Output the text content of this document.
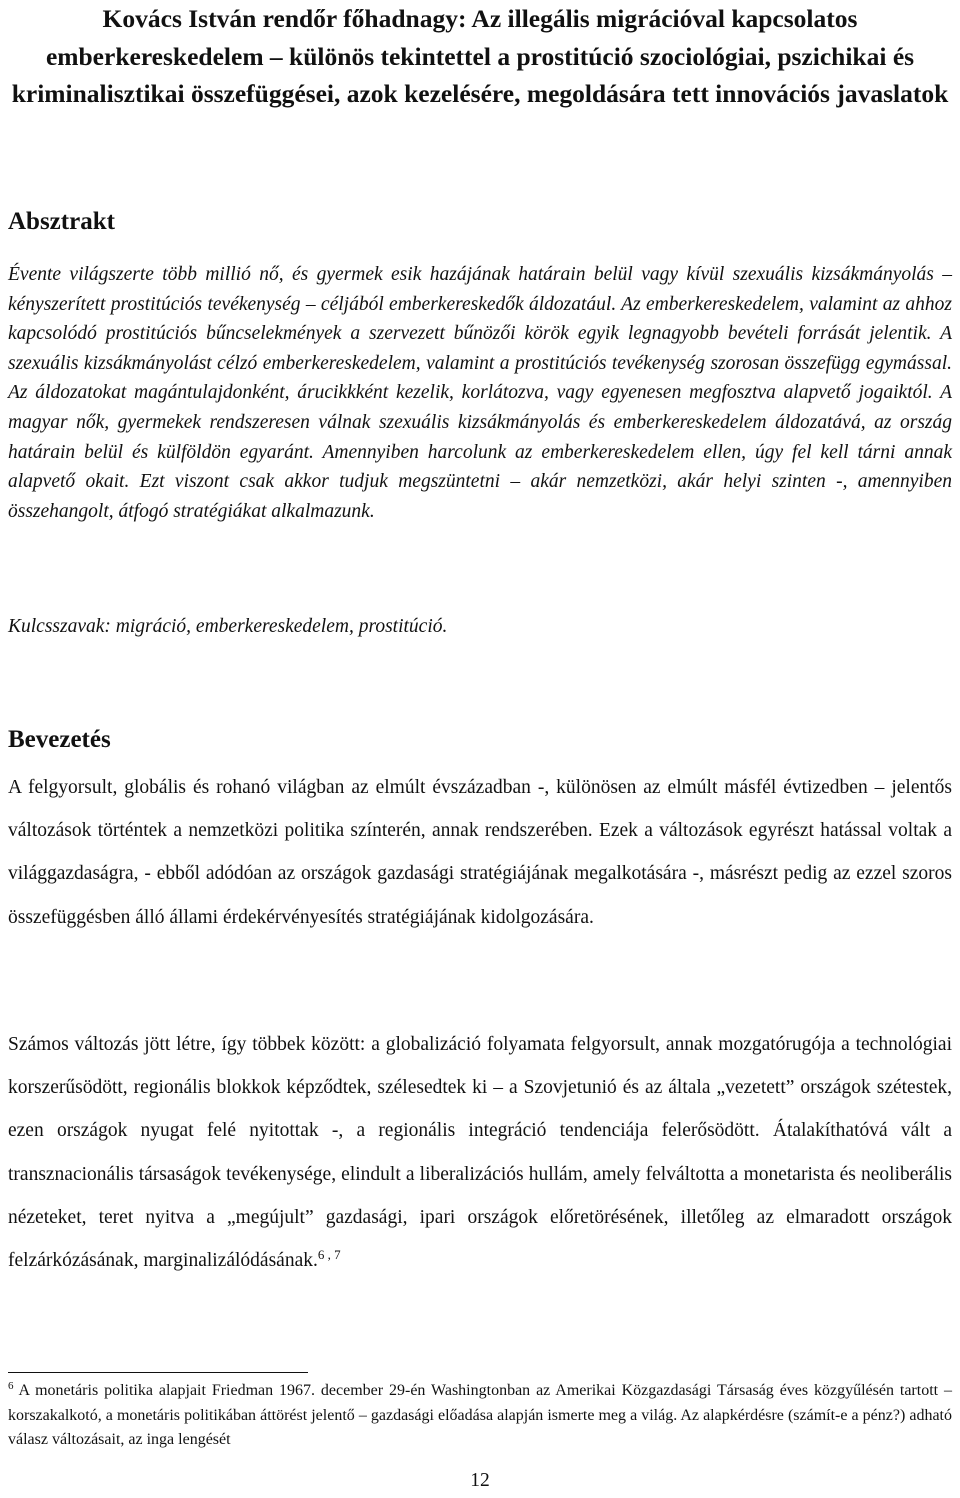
Kovács István rendőr főhadnagy: Az illegális migrációval kapcsolatos emberkereskedelem – különös tekintettel a prostitúció szociológiai, pszichikai és kriminalisztikai összefüggései, azok kezelésére, megoldására tett innovációs javaslatok
Absztrakt

Évente világszerte több millió nő, és gyermek esik hazájának határain belül vagy kívül szexuális kizsákmányolás – kényszerített prostitúciós tevékenység – céljából emberkereskedők áldozatául. Az emberkereskedelem, valamint az ahhoz kapcsolódó prostitúciós bűncselekmények a szervezett bűnözői körök egyik legnagyobb bevételi forrását jelentik. A szexuális kizsákmányolást célzó emberkereskedelem, valamint a prostitúciós tevékenység szorosan összefügg egymással. Az áldozatokat magántulajdonként, árucikkként kezelik, korlátozva, vagy egyenesen megfosztva alapvető jogaiktól. A magyar nők, gyermekek rendszeresen válnak szexuális kizsákmányolás és emberkereskedelem áldozatává, az ország határain belül és külföldön egyaránt. Amennyiben harcolunk az emberkereskedelem ellen, úgy fel kell tárni annak alapvető okait. Ezt viszont csak akkor tudjuk megszüntetni – akár nemzetközi, akár helyi szinten -, amennyiben összehangolt, átfogó stratégiákat alkalmazunk.

Kulcsszavak: migráció, emberkereskedelem, prostitúció.

Bevezetés

A felgyorsult, globális és rohanó világban az elmúlt évszázadban -, különösen az elmúlt másfél évtizedben – jelentős változások történtek a nemzetközi politika színterén, annak rendszerében. Ezek a változások egyrészt hatással voltak a világgazdaságra, - ebből adódóan az országok gazdasági stratégiájának megalkotására -, másrészt pedig az ezzel szoros összefüggésben álló állami érdekérvényesítés stratégiájának kidolgozására.

Számos változás jött létre, így többek között: a globalizáció folyamata felgyorsult, annak mozgatórugója a technológiai korszerűsödött, regionális blokkok képződtek, szélesedtek ki – a Szovjetunió és az általa „vezetett” országok szétestek, ezen országok nyugat felé nyitottak -, a regionális integráció tendenciája felerősödött. Átalakíthatóvá vált a transznacionális társaságok tevékenysége, elindult a liberalizációs hullám, amely felváltotta a monetarista és neoliberális nézeteket, teret nyitva a „megújult” gazdasági, ipari országok előretörésének, illetőleg az elmaradott országok felzárkózásának, marginalizálódásának.$^{6 , 7}$

$^6$ A monetáris politika alapjait Friedman 1967. december 29-én Washingtonban az Amerikai Közgazdasági Társaság éves közgyűlésén tartott – korszakalkotó, a monetáris politikában áttörést jelentő – gazdasági előadása alapján ismerte meg a világ. Az alapkérdésre (számít-e a pénz?) adható válasz változásait, az inga lengését

12
